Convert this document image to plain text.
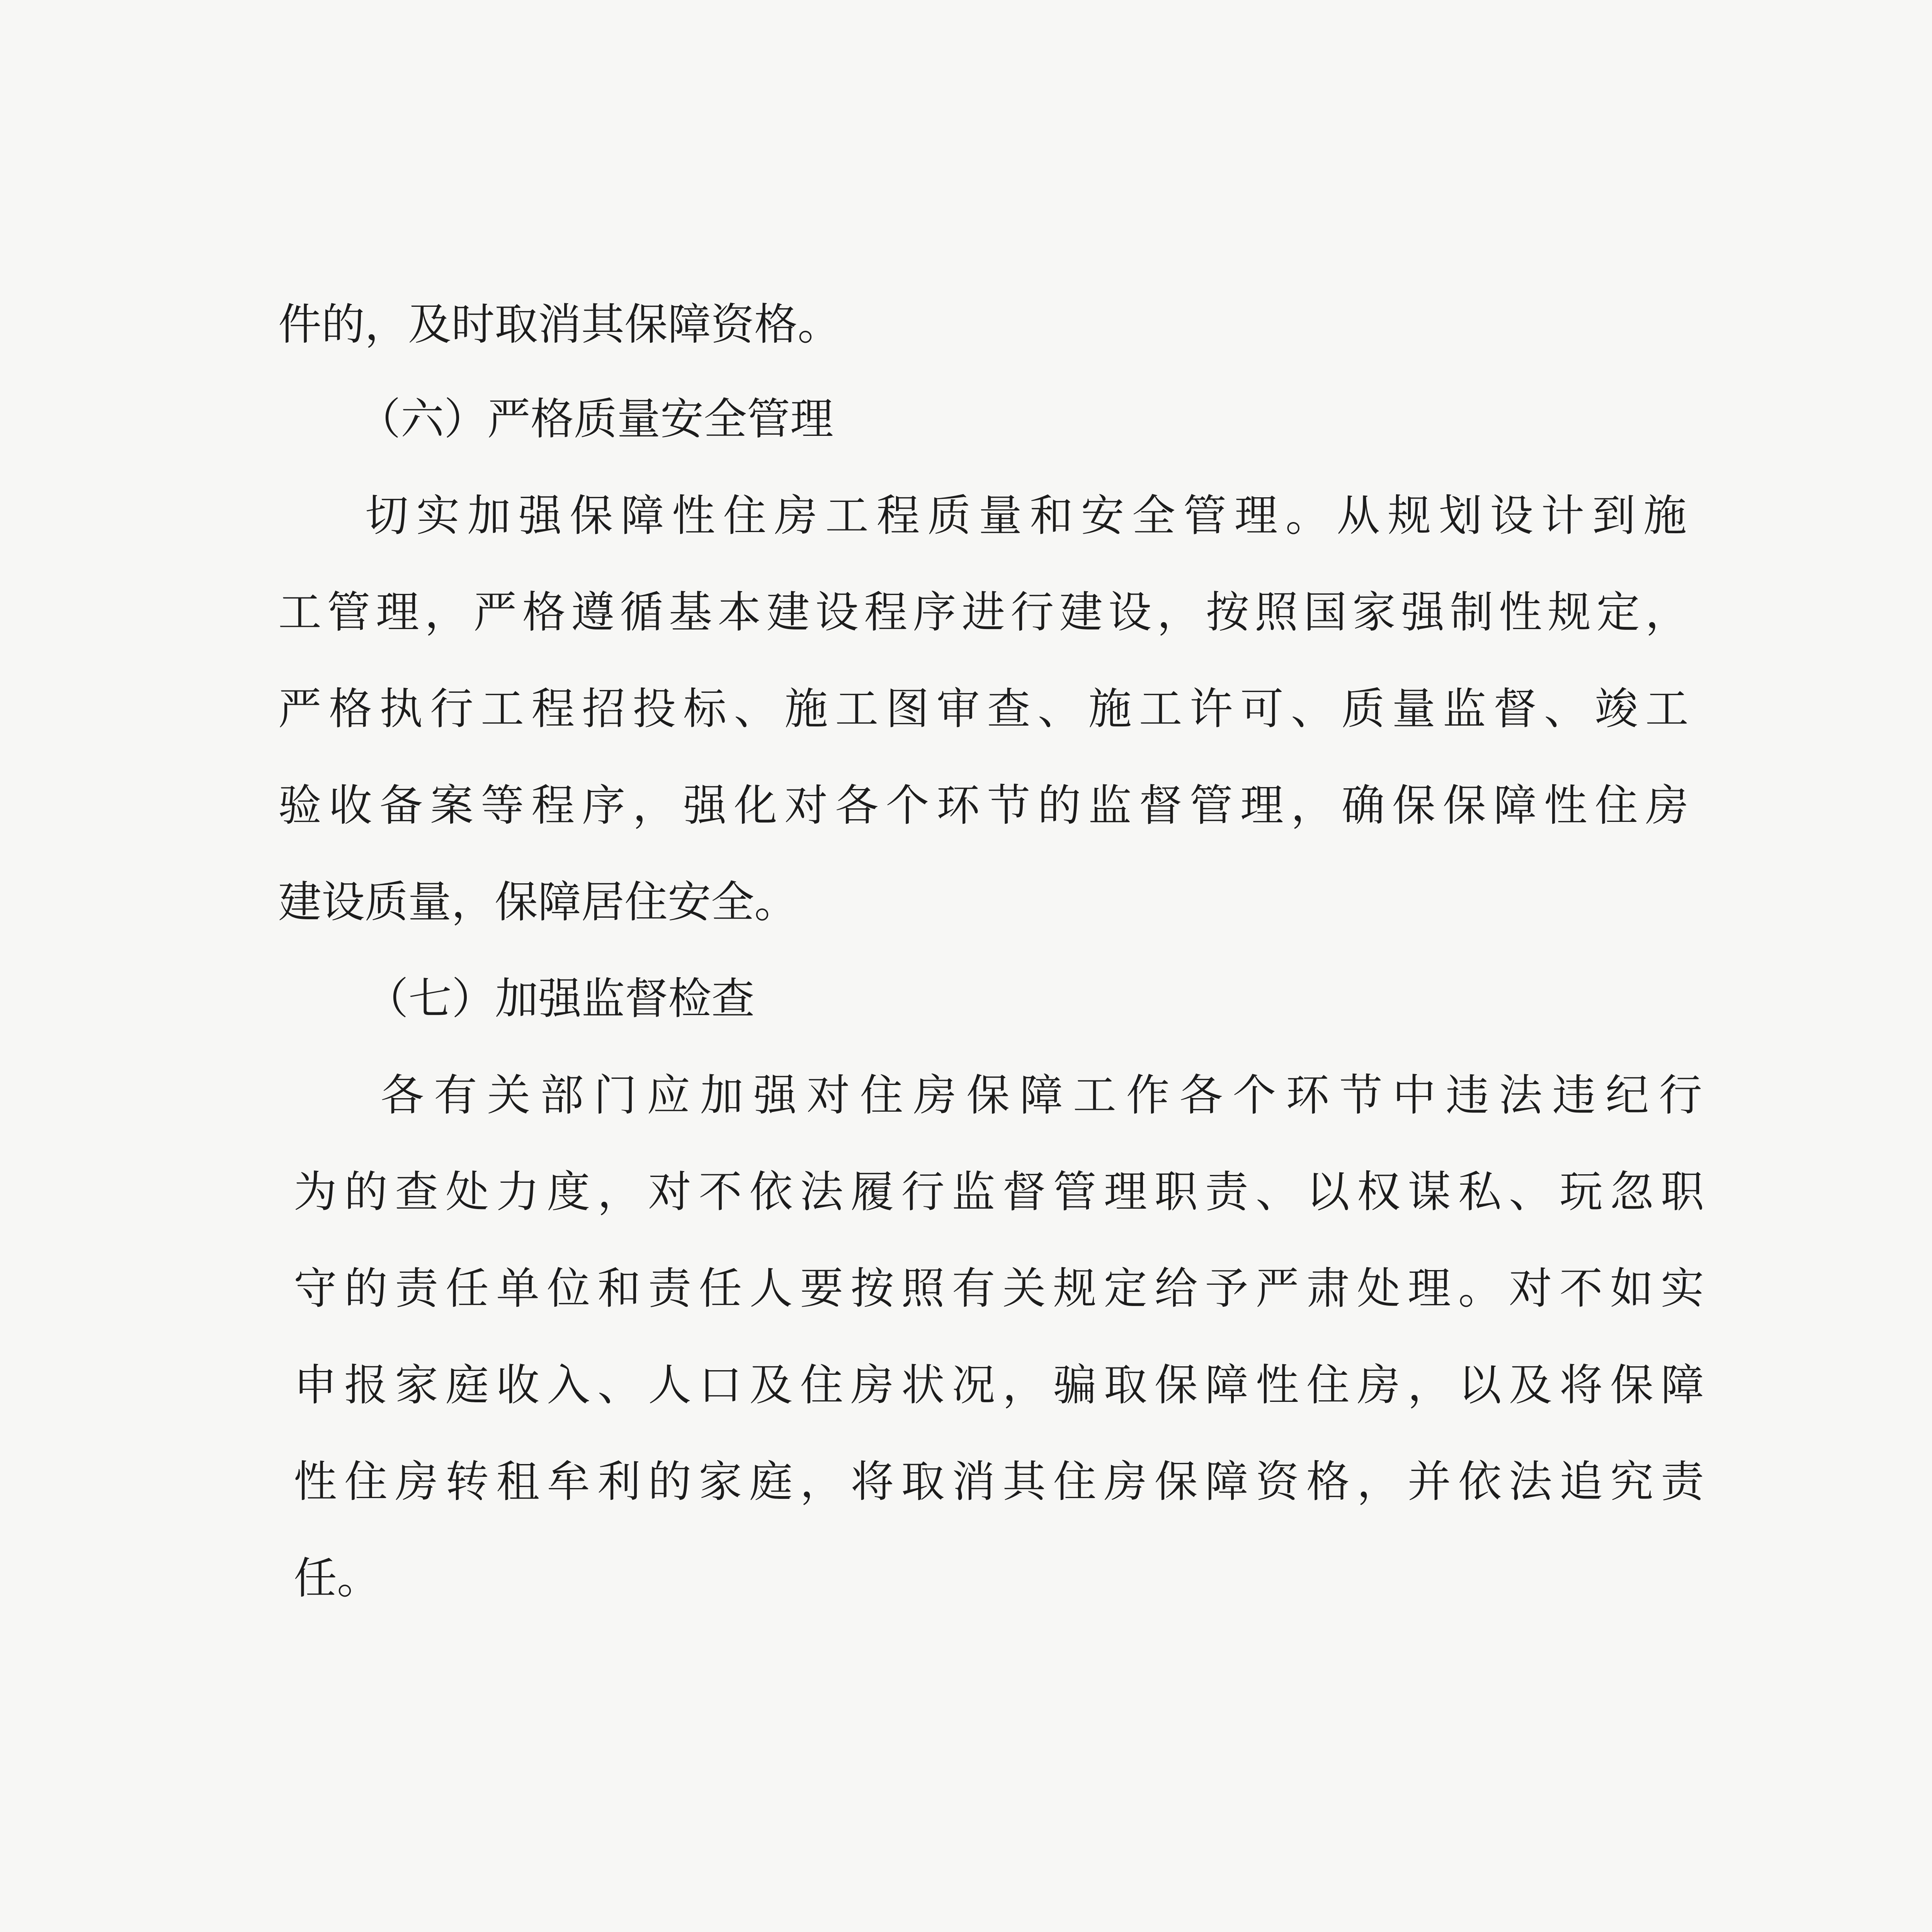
件的，及时取消其保障资格。
（六）严格质量安全管理
切实加强保障性住房工程质量和安全管理。从规划设计到施
工管理，严格遵循基本建设程序进行建设，按照国家强制性规定，
严格执行工程招投标、施工图审查、施工许可、质量监督、竣工
验收备案等程序，强化对各个环节的监督管理，确保保障性住房
建设质量，保障居住安全。
（七）加强监督检查
各有关部门应加强对住房保障工作各个环节中违法违纪行
为的查处力度，对不依法履行监督管理职责、以权谋私、玩忽职
守的责任单位和责任人要按照有关规定给予严肃处理。对不如实
申报家庭收入、人口及住房状况，骗取保障性住房，以及将保障
性住房转租牟利的家庭，将取消其住房保障资格，并依法追究责
任。
